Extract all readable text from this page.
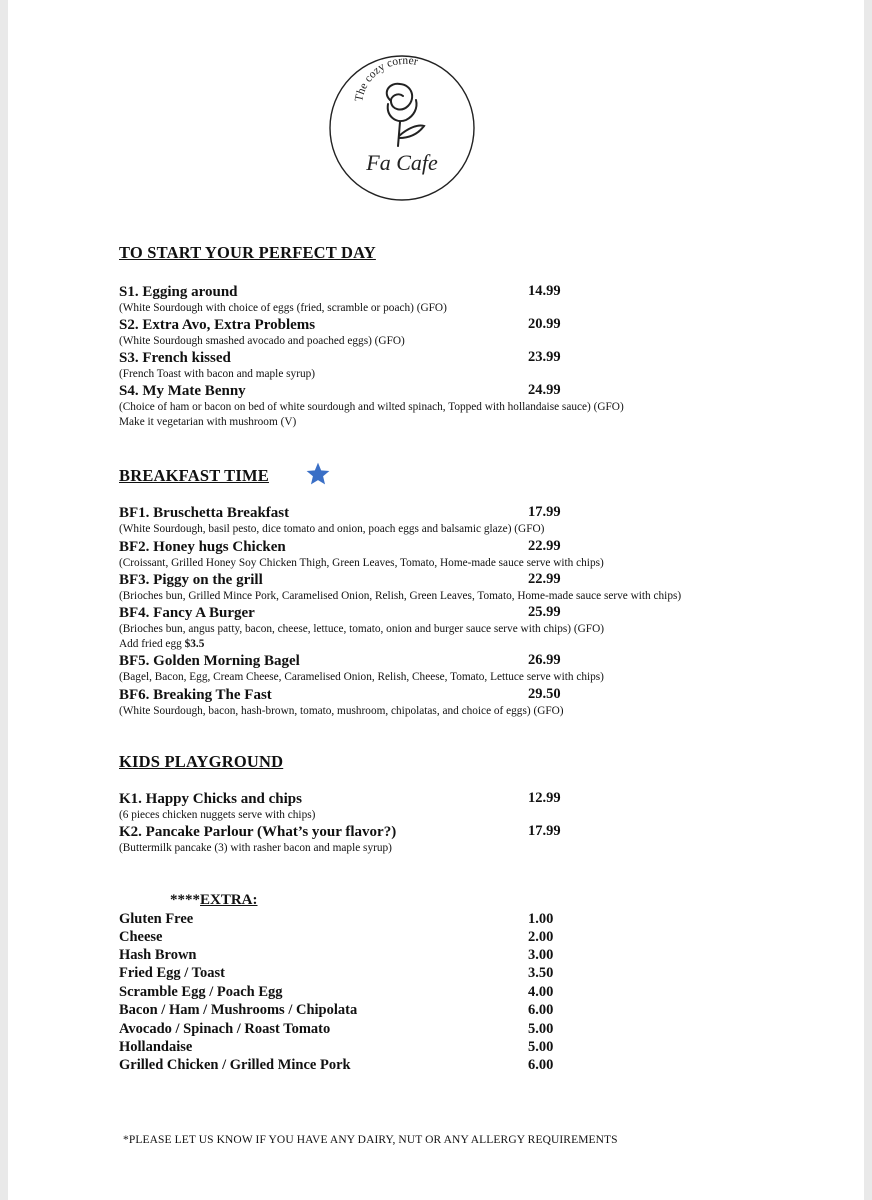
The cozy corner
Fa Cafe
TO START YOUR PERFECT DAY
S1. Egging around	14.99
(White Sourdough with choice of eggs (fried, scramble or poach) (GFO)
S2. Extra Avo, Extra Problems	20.99
(White Sourdough smashed avocado and poached eggs) (GFO)
S3. French kissed	23.99
(French Toast with bacon and maple syrup)
S4. My Mate Benny	24.99
(Choice of ham or bacon on bed of white sourdough and wilted spinach, Topped with hollandaise sauce) (GFO)
Make it vegetarian with mushroom (V)
BREAKFAST TIME
BF1. Bruschetta Breakfast	17.99
(White Sourdough, basil pesto, dice tomato and onion, poach eggs and balsamic glaze) (GFO)
BF2. Honey hugs Chicken	22.99
(Croissant, Grilled Honey Soy Chicken Thigh, Green Leaves, Tomato, Home-made sauce serve with chips)
BF3. Piggy on the grill	22.99
(Brioches bun, Grilled Mince Pork, Caramelised Onion, Relish, Green Leaves, Tomato, Home-made sauce serve with chips)
BF4. Fancy A Burger	25.99
(Brioches bun, angus patty, bacon, cheese, lettuce, tomato, onion and burger sauce serve with chips) (GFO)
Add fried egg $3.5
BF5. Golden Morning Bagel	26.99
(Bagel, Bacon, Egg, Cream Cheese, Caramelised Onion, Relish, Cheese, Tomato, Lettuce serve with chips)
BF6. Breaking The Fast	29.50
(White Sourdough, bacon, hash-brown, tomato, mushroom, chipolatas, and choice of eggs) (GFO)
KIDS PLAYGROUND
K1. Happy Chicks and chips	12.99
(6 pieces chicken nuggets serve with chips)
K2. Pancake Parlour (What’s your flavor?)	17.99
(Buttermilk pancake (3) with rasher bacon and maple syrup)
****EXTRA:
Gluten Free	1.00
Cheese	2.00
Hash Brown	3.00
Fried Egg / Toast	3.50
Scramble Egg / Poach Egg	4.00
Bacon / Ham / Mushrooms / Chipolata	6.00
Avocado / Spinach / Roast Tomato	5.00
Hollandaise	5.00
Grilled Chicken / Grilled Mince Pork	6.00
*PLEASE LET US KNOW IF YOU HAVE ANY DAIRY, NUT OR ANY ALLERGY REQUIREMENTS
